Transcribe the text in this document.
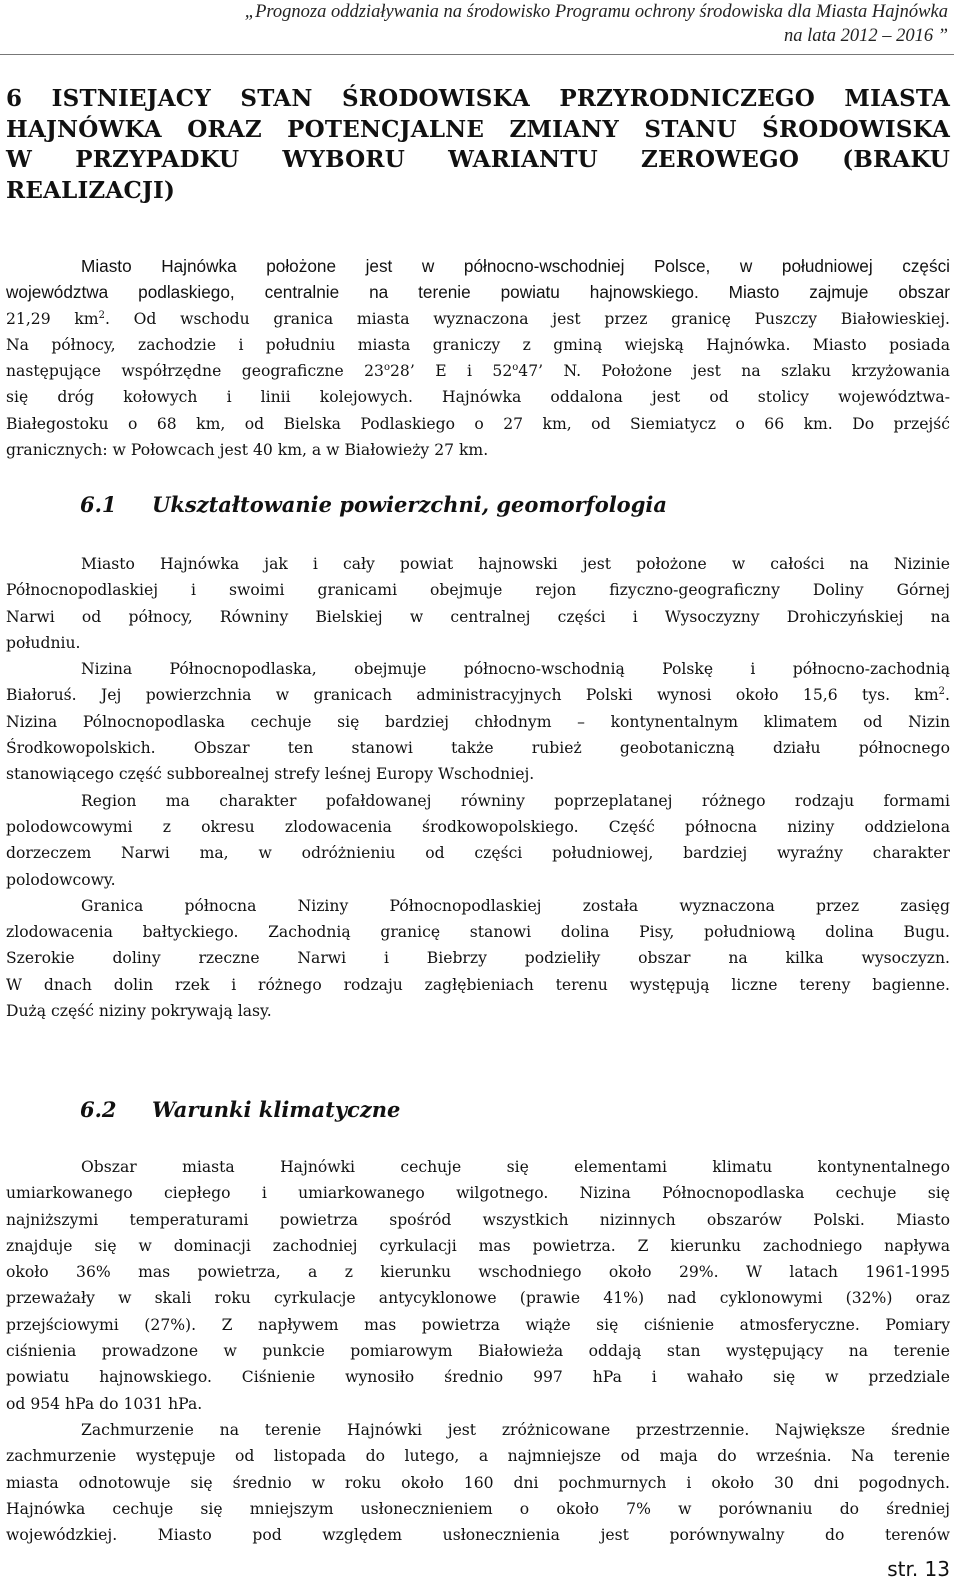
„Prognoza oddziaływania na środowisko Programu ochrony środowiska dla Miasta Hajnówka
na lata 2012 – 2016 ”
6 ISTNIEJACY STAN ŚRODOWISKA PRZYRODNICZEGO MIASTA
HAJNÓWKA ORAZ POTENCJALNE ZMIANY STANU ŚRODOWISKA
W PRZYPADKU WYBORU WARIANTU ZEROWEGO (BRAKU
REALIZACJI)
Miasto Hajnówka położone jest w północno-wschodniej Polsce, w południowej części
województwa podlaskiego, centralnie na terenie powiatu hajnowskiego. Miasto zajmuje obszar
21,29 $km^2$. Od wschodu granica miasta wyznaczona jest przez granicę Puszczy Białowieskiej.
Na północy, zachodzie i południu miasta graniczy z gminą wiejską Hajnówka. Miasto posiada
następujące współrzędne geograficzne 23$^o$28’ E i 52$^o$47’ N. Położone jest na szlaku krzyżowania
się dróg kołowych i linii kolejowych. Hajnówka oddalona jest od stolicy województwa-
Białegostoku o 68 km, od Bielska Podlaskiego o 27 km, od Siemiatycz o 66 km. Do przejść
granicznych: w Połowcach jest 40 km, a w Białowieży 27 km.
6.1 Ukształtowanie powierzchni, geomorfologia
Miasto Hajnówka jak i cały powiat hajnowski jest położone w całości na Nizinie
Północnopodlaskiej i swoimi granicami obejmuje rejon fizyczno-geograficzny Doliny Górnej
Narwi od północy, Równiny Bielskiej w centralnej części i Wysoczyzny Drohiczyńskiej na
południu.
Nizina Północnopodlaska, obejmuje północno-wschodnią Polskę i północno-zachodnią
Białoruś. Jej powierzchnia w granicach administracyjnych Polski wynosi około 15,6 tys. $km^2$.
Nizina Pólnocnopodlaska cechuje się bardziej chłodnym – kontynentalnym klimatem od Nizin
Środkowopolskich. Obszar ten stanowi także rubież geobotaniczną działu północnego
stanowiącego część subborealnej strefy leśnej Europy Wschodniej.
Region ma charakter pofałdowanej równiny poprzeplatanej różnego rodzaju formami
polodowcowymi z okresu zlodowacenia środkowopolskiego. Część północna niziny oddzielona
dorzeczem Narwi ma, w odróżnieniu od części południowej, bardziej wyraźny charakter
polodowcowy.
Granica północna Niziny Północnopodlaskiej została wyznaczona przez zasięg
zlodowacenia bałtyckiego. Zachodnią granicę stanowi dolina Pisy, południową dolina Bugu.
Szerokie doliny rzeczne Narwi i Biebrzy podzieliły obszar na kilka wysoczyzn.
W dnach dolin rzek i różnego rodzaju zagłębieniach terenu występują liczne tereny bagienne.
Dużą część niziny pokrywają lasy.
6.2 Warunki klimatyczne
Obszar miasta Hajnówki cechuje się elementami klimatu kontynentalnego
umiarkowanego ciepłego i umiarkowanego wilgotnego. Nizina Północnopodlaska cechuje się
najniższymi temperaturami powietrza spośród wszystkich nizinnych obszarów Polski. Miasto
znajduje się w dominacji zachodniej cyrkulacji mas powietrza. Z kierunku zachodniego napływa
około 36% mas powietrza, a z kierunku wschodniego około 29%. W latach 1961-1995
przeważały w skali roku cyrkulacje antycyklonowe (prawie 41%) nad cyklonowymi (32%) oraz
przejściowymi (27%). Z napływem mas powietrza wiąże się ciśnienie atmosferyczne. Pomiary
ciśnienia prowadzone w punkcie pomiarowym Białowieża oddają stan występujący na terenie
powiatu hajnowskiego. Ciśnienie wynosiło średnio 997 hPa i wahało się w przedziale
od 954 hPa do 1031 hPa.
Zachmurzenie na terenie Hajnówki jest zróżnicowane przestrzennie. Największe średnie
zachmurzenie występuje od listopada do lutego, a najmniejsze od maja do września. Na terenie
miasta odnotowuje się średnio w roku około 160 dni pochmurnych i około 30 dni pogodnych.
Hajnówka cechuje się mniejszym usłonecznieniem o około 7% w porównaniu do średniej
wojewódzkiej. Miasto pod względem usłonecznienia jest porównywalny do terenów
str. 13
